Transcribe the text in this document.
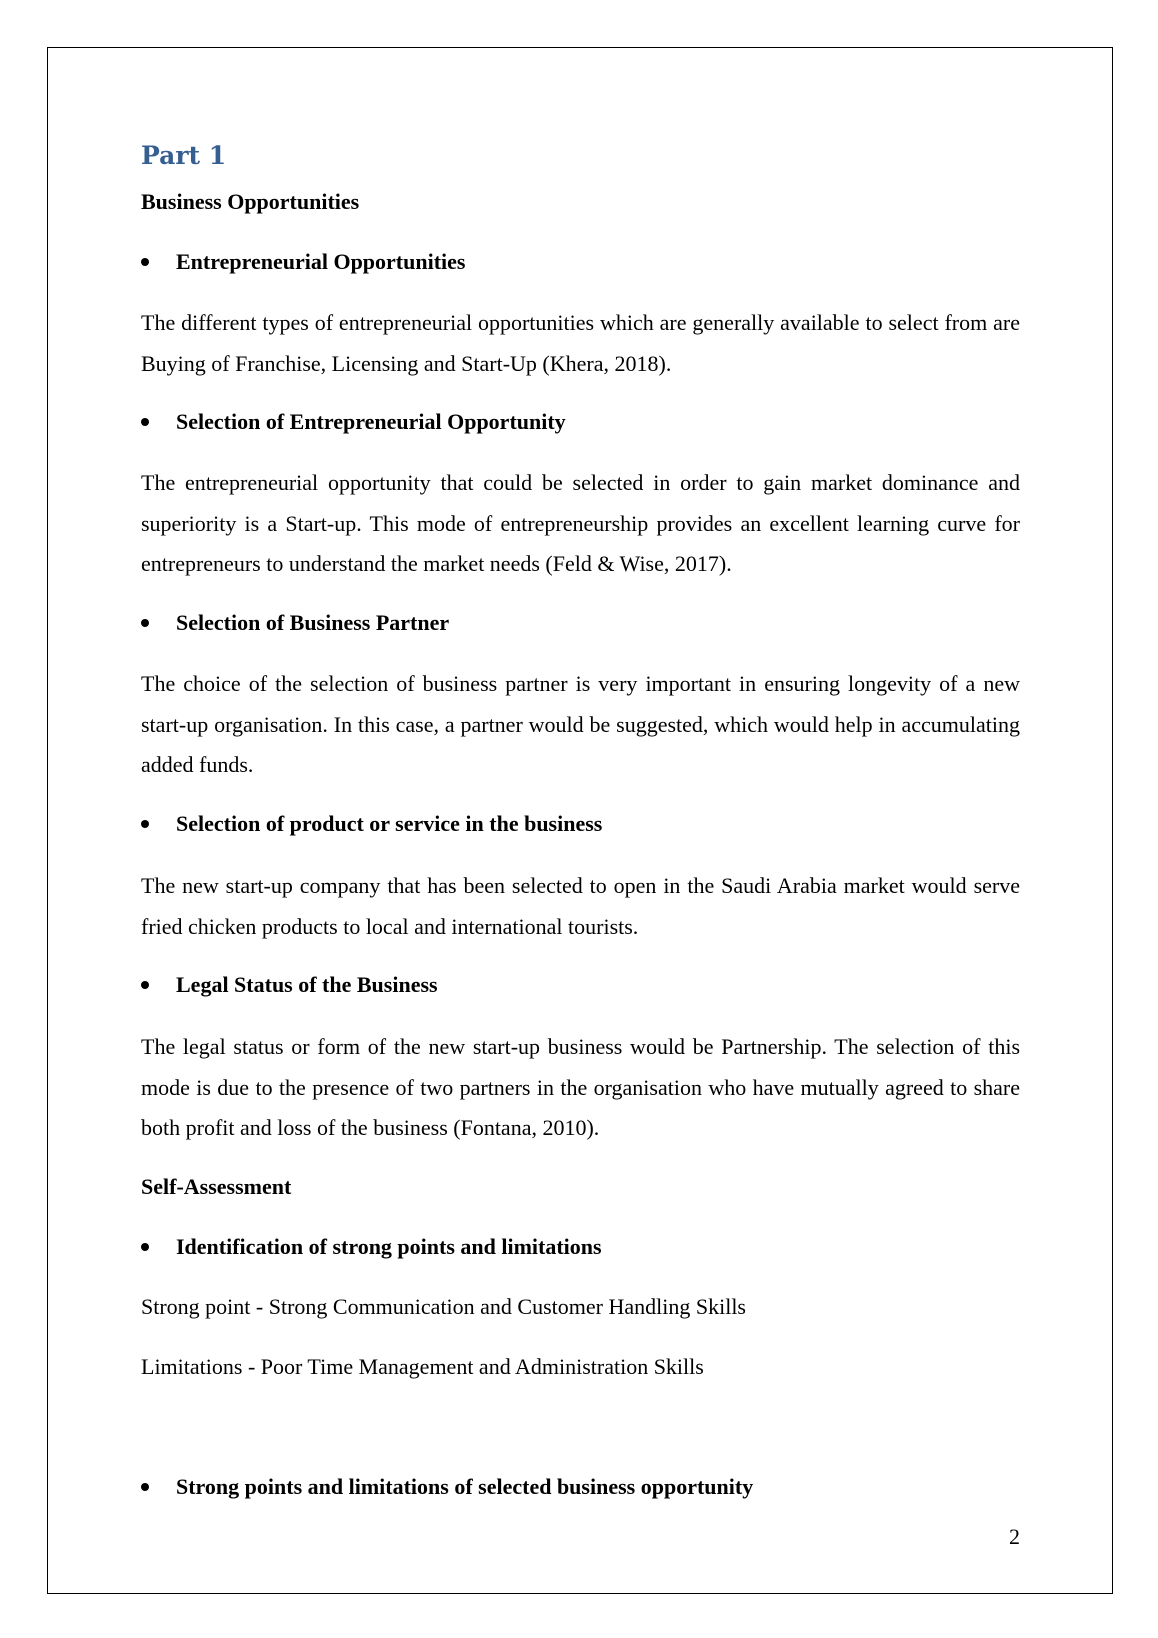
Part 1
Business Opportunities
Entrepreneurial Opportunities

The different types of entrepreneurial opportunities which are generally available to select from are Buying of Franchise, Licensing and Start-Up (Khera, 2018).

Selection of Entrepreneurial Opportunity

The entrepreneurial opportunity that could be selected in order to gain market dominance and superiority is a Start-up. This mode of entrepreneurship provides an excellent learning curve for entrepreneurs to understand the market needs (Feld & Wise, 2017).

Selection of Business Partner

The choice of the selection of business partner is very important in ensuring longevity of a new start-up organisation. In this case, a partner would be suggested, which would help in accumulating added funds.

Selection of product or service in the business

The new start-up company that has been selected to open in the Saudi Arabia market would serve fried chicken products to local and international tourists.

Legal Status of the Business

The legal status or form of the new start-up business would be Partnership. The selection of this mode is due to the presence of two partners in the organisation who have mutually agreed to share both profit and loss of the business (Fontana, 2010).

Self-Assessment
Identification of strong points and limitations
Strong point - Strong Communication and Customer Handling Skills
Limitations - Poor Time Management and Administration Skills
Strong points and limitations of selected business opportunity
2
